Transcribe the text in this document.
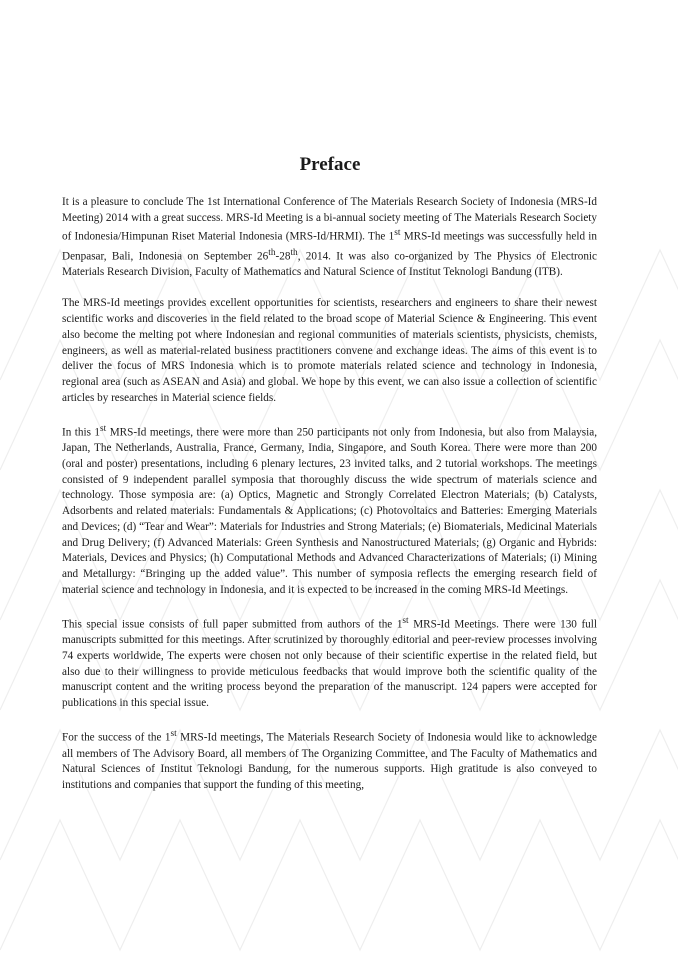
Preface

It is a pleasure to conclude The 1st International Conference of The Materials Research Society of Indonesia (MRS-Id Meeting) 2014 with a great success. MRS-Id Meeting is a bi-annual society meeting of The Materials Research Society of Indonesia/Himpunan Riset Material Indonesia (MRS-Id/HRMI). The 1st MRS-Id meetings was successfully held in Denpasar, Bali, Indonesia on September 26th-28th, 2014. It was also co-organized by The Physics of Electronic Materials Research Division, Faculty of Mathematics and Natural Science of Institut Teknologi Bandung (ITB).

The MRS-Id meetings provides excellent opportunities for scientists, researchers and engineers to share their newest scientific works and discoveries in the field related to the broad scope of Material Science & Engineering. This event also become the melting pot where Indonesian and regional communities of materials scientists, physicists, chemists, engineers, as well as material-related business practitioners convene and exchange ideas. The aims of this event is to deliver the focus of MRS Indonesia which is to promote materials related science and technology in Indonesia, regional area (such as ASEAN and Asia) and global. We hope by this event, we can also issue a collection of scientific articles by researches in Material science fields.

In this 1st MRS-Id meetings, there were more than 250 participants not only from Indonesia, but also from Malaysia, Japan, The Netherlands, Australia, France, Germany, India, Singapore, and South Korea. There were more than 200 (oral and poster) presentations, including 6 plenary lectures, 23 invited talks, and 2 tutorial workshops. The meetings consisted of 9 independent parallel symposia that thoroughly discuss the wide spectrum of materials science and technology. Those symposia are: (a) Optics, Magnetic and Strongly Correlated Electron Materials; (b) Catalysts, Adsorbents and related materials: Fundamentals & Applications; (c) Photovoltaics and Batteries: Emerging Materials and Devices; (d) “Tear and Wear”: Materials for Industries and Strong Materials; (e) Biomaterials, Medicinal Materials and Drug Delivery; (f) Advanced Materials: Green Synthesis and Nanostructured Materials; (g) Organic and Hybrids: Materials, Devices and Physics; (h) Computational Methods and Advanced Characterizations of Materials; (i) Mining and Metallurgy: “Bringing up the added value”. This number of symposia reflects the emerging research field of material science and technology in Indonesia, and it is expected to be increased in the coming MRS-Id Meetings.

This special issue consists of full paper submitted from authors of the 1st MRS-Id Meetings. There were 130 full manuscripts submitted for this meetings. After scrutinized by thoroughly editorial and peer-review processes involving 74 experts worldwide, The experts were chosen not only because of their scientific expertise in the related field, but also due to their willingness to provide meticulous feedbacks that would improve both the scientific quality of the manuscript content and the writing process beyond the preparation of the manuscript. 124 papers were accepted for publications in this special issue.

For the success of the 1st MRS-Id meetings, The Materials Research Society of Indonesia would like to acknowledge all members of The Advisory Board, all members of The Organizing Committee, and The Faculty of Mathematics and Natural Sciences of Institut Teknologi Bandung, for the numerous supports. High gratitude is also conveyed to institutions and companies that support the funding of this meeting,
